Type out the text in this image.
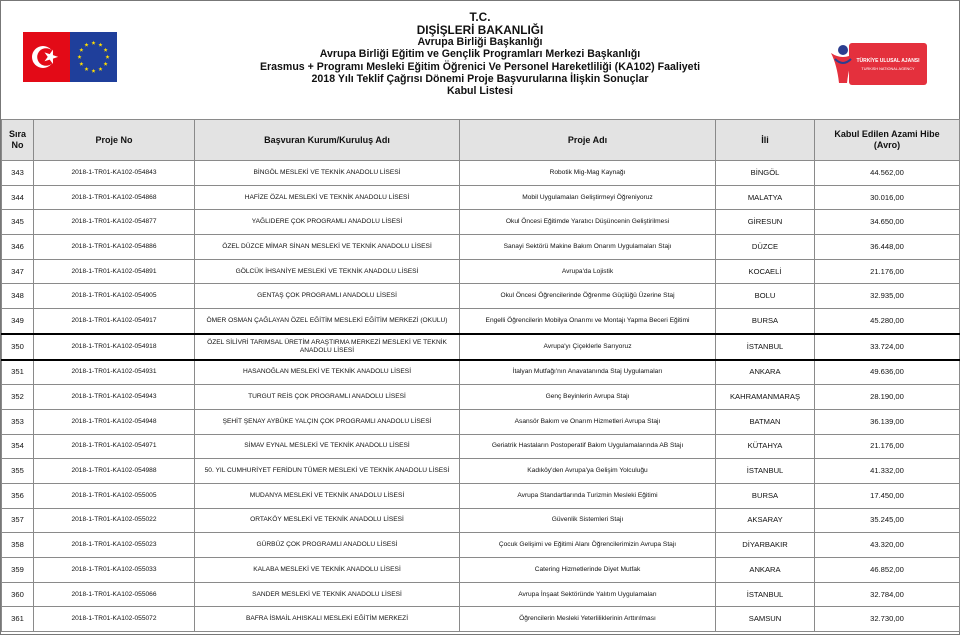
T.C.
DIŞİŞLERİ BAKANLIĞI
Avrupa Birliği Başkanlığı
Avrupa Birliği Eğitim ve Gençlik Programları Merkezi Başkanlığı
Erasmus + Programı Mesleki Eğitim Öğrenici Ve Personel Hareketliliği (KA102) Faaliyeti
2018 Yılı Teklif Çağrısı Dönemi Proje Başvurularına İlişkin Sonuçlar
Kabul Listesi
TÜRKİYE ULUSAL AJANSI
TURKISH NATIONAL AGENCY
Sıra
No	Proje No	Başvuran Kurum/Kuruluş Adı	Proje Adı	İli	Kabul Edilen Azami Hibe
(Avro)
343	2018-1-TR01-KA102-054843	BİNGÖL MESLEKİ VE TEKNİK ANADOLU LİSESİ	Robotik Mig-Mag Kaynağı	BİNGÖL	44.562,00
344	2018-1-TR01-KA102-054868	HAFİZE ÖZAL MESLEKİ VE TEKNİK ANADOLU LİSESİ	Mobil Uygulamaları Geliştirmeyi Öğreniyoruz	MALATYA	30.016,00
345	2018-1-TR01-KA102-054877	YAĞLIDERE ÇOK PROGRAMLI ANADOLU LİSESİ	Okul Öncesi Eğitimde Yaratıcı Düşüncenin Geliştirilmesi	GİRESUN	34.650,00
346	2018-1-TR01-KA102-054886	ÖZEL DÜZCE MİMAR SİNAN MESLEKİ VE TEKNİK ANADOLU LİSESİ	Sanayi Sektörü Makine Bakım Onarım Uygulamaları Stajı	DÜZCE	36.448,00
347	2018-1-TR01-KA102-054891	GÖLCÜK İHSANİYE MESLEKİ VE TEKNİK ANADOLU LİSESİ	Avrupa'da Lojistik	KOCAELİ	21.176,00
348	2018-1-TR01-KA102-054905	GENTAŞ ÇOK PROGRAMLI ANADOLU LİSESİ	Okul Öncesi Öğrencilerinde Öğrenme Güçlüğü Üzerine Staj	BOLU	32.935,00
349	2018-1-TR01-KA102-054917	ÖMER OSMAN ÇAĞLAYAN ÖZEL EĞİTİM MESLEKİ EĞİTİM MERKEZİ (OKULU)	Engelli Öğrencilerin Mobilya Onarımı ve Montajı Yapma Beceri Eğitimi	BURSA	45.280,00
350	2018-1-TR01-KA102-054918	ÖZEL SİLİVRİ TARIMSAL ÜRETİM ARAŞTIRMA MERKEZİ MESLEKİ VE TEKNİK ANADOLU LİSESİ	Avrupa'yı Çiçeklerle Sarıyoruz	İSTANBUL	33.724,00
351	2018-1-TR01-KA102-054931	HASANOĞLAN MESLEKİ VE TEKNİK ANADOLU LİSESİ	İtalyan Mutfağı'nın Anavatanında Staj Uygulamaları	ANKARA	49.636,00
352	2018-1-TR01-KA102-054943	TURGUT REİS ÇOK PROGRAMLI ANADOLU LİSESİ	Genç Beyinlerin Avrupa Stajı	KAHRAMANMARAŞ	28.190,00
353	2018-1-TR01-KA102-054948	ŞEHİT ŞENAY AYBÜKE YALÇIN ÇOK PROGRAMLI ANADOLU LİSESİ	Asansör Bakım ve Onarım Hizmetleri Avrupa Stajı	BATMAN	36.139,00
354	2018-1-TR01-KA102-054971	SİMAV EYNAL MESLEKİ VE TEKNİK ANADOLU LİSESİ	Geriatrik Hastaların Postoperatif Bakım Uygulamalarında AB Stajı	KÜTAHYA	21.176,00
355	2018-1-TR01-KA102-054988	50. YIL CUMHURİYET FERİDUN TÜMER MESLEKİ VE TEKNİK ANADOLU LİSESİ	Kadıköy'den Avrupa'ya Gelişim Yolculuğu	İSTANBUL	41.332,00
356	2018-1-TR01-KA102-055005	MUDANYA MESLEKİ VE TEKNİK ANADOLU LİSESİ	Avrupa Standartlarında Turizmin Mesleki Eğitimi	BURSA	17.450,00
357	2018-1-TR01-KA102-055022	ORTAKÖY MESLEKİ VE TEKNİK ANADOLU LİSESİ	Güvenlik Sistemleri Stajı	AKSARAY	35.245,00
358	2018-1-TR01-KA102-055023	GÜRBÜZ ÇOK PROGRAMLI ANADOLU LİSESİ	Çocuk Gelişimi ve Eğitimi Alanı Öğrencilerimizin Avrupa Stajı	DİYARBAKIR	43.320,00
359	2018-1-TR01-KA102-055033	KALABA MESLEKİ VE TEKNİK ANADOLU LİSESİ	Catering Hizmetlerinde Diyet Mutfak	ANKARA	46.852,00
360	2018-1-TR01-KA102-055066	SANDER MESLEKİ VE TEKNİK ANADOLU LİSESİ	Avrupa İnşaat Sektöründe Yalıtım Uygulamaları	İSTANBUL	32.784,00
361	2018-1-TR01-KA102-055072	BAFRA İSMAİL AHISKALI MESLEKİ EĞİTİM MERKEZİ	Öğrencilerin Mesleki Yeterliliklerinin Arttırılması	SAMSUN	32.730,00
